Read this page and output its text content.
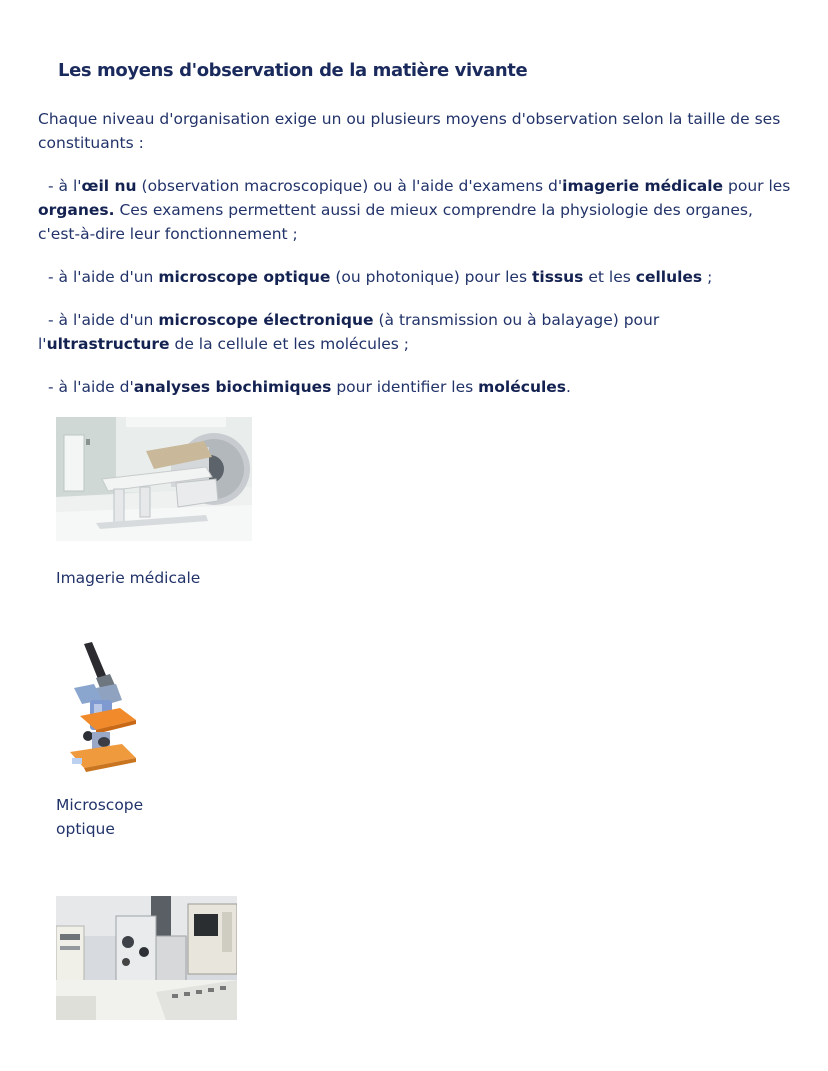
Les moyens d'observation de la matière vivante

Chaque niveau d'organisation exige un ou plusieurs moyens d'observation selon la taille de ses constituants :

- à l'œil nu (observation macroscopique) ou à l'aide d'examens d'imagerie médicale pour les organes. Ces examens permettent aussi de mieux comprendre la physiologie des organes, c'est-à-dire leur fonctionnement ;

- à l'aide d'un microscope optique (ou photonique) pour les tissus et les cellules ;

- à l'aide d'un microscope électronique (à transmission ou à balayage) pour l'ultrastructure de la cellule et les molécules ;

- à l'aide d'analyses biochimiques pour identifier les molécules.

Imagerie médicale

Microscope
optique
